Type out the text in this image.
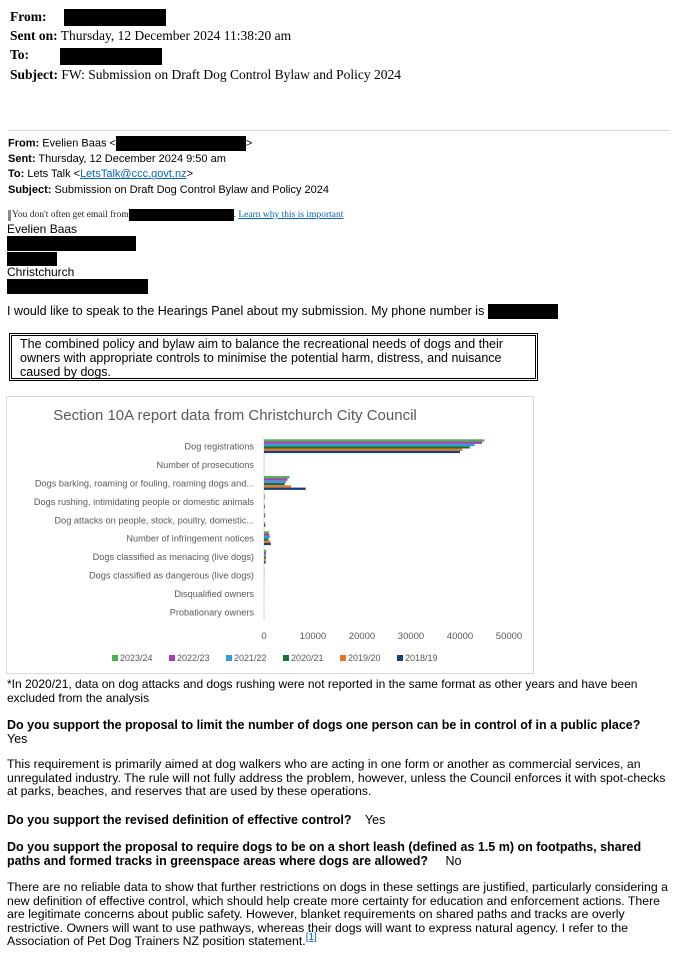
From:
Sent on: Thursday, 12 December 2024 11:38:20 am
To:
Subject: FW: Submission on Draft Dog Control Bylaw and Policy 2024
From: Evelien Baas <	>
Sent: Thursday, 12 December 2024 9:50 am
To: Lets Talk <LetsTalk@ccc.govt.nz>
Subject: Submission on Draft Dog Control Bylaw and Policy 2024
You don't often get email from	. Learn why this is important
Evelien Baas
Christchurch
I would like to speak to the Hearings Panel about my submission. My phone number is
The combined policy and bylaw aim to balance the recreational needs of dogs and their owners with appropriate controls to minimise the potential harm, distress, and nuisance caused by dogs.
Section 10A report data from Christchurch City Council
Dog registrations
Number of prosecutions
Dogs barking, roaming or fouling, roaming dogs and...
Dogs rushing, intimidating people or domestic animals
Dog attacks on people, stock, poultry, domestic...
Number of infringement notices
Dogs classified as menacing (live dogs)
Dogs classified as dangerous (live dogs)
Disqualified owners
Probationary owners
0	10000 20000 30000 40000 50000
2023/24	2022/23	2021/22	2020/21	2019/20	2018/19
*In 2020/21, data on dog attacks and dogs rushing were not reported in the same format as other years and have been excluded from the analysis
Do you support the proposal to limit the number of dogs one person can be in control of in a public place?
Yes
This requirement is primarily aimed at dog walkers who are acting in one form or another as commercial services, an unregulated industry. The rule will not fully address the problem, however, unless the Council enforces it with spot-checks at parks, beaches, and reserves that are used by these operations.
Do you support the revised definition of effective control? Yes
Do you support the proposal to require dogs to be on a short leash (defined as 1.5 m) on footpaths, shared paths and formed tracks in greenspace areas where dogs are allowed? No
There are no reliable data to show that further restrictions on dogs in these settings are justified, particularly considering a new definition of effective control, which should help create more certainty for education and enforcement actions. There are legitimate concerns about public safety. However, blanket requirements on shared paths and tracks are overly restrictive. Owners will want to use pathways, whereas their dogs will want to express natural agency. I refer to the Association of Pet Dog Trainers NZ position statement.[1]
